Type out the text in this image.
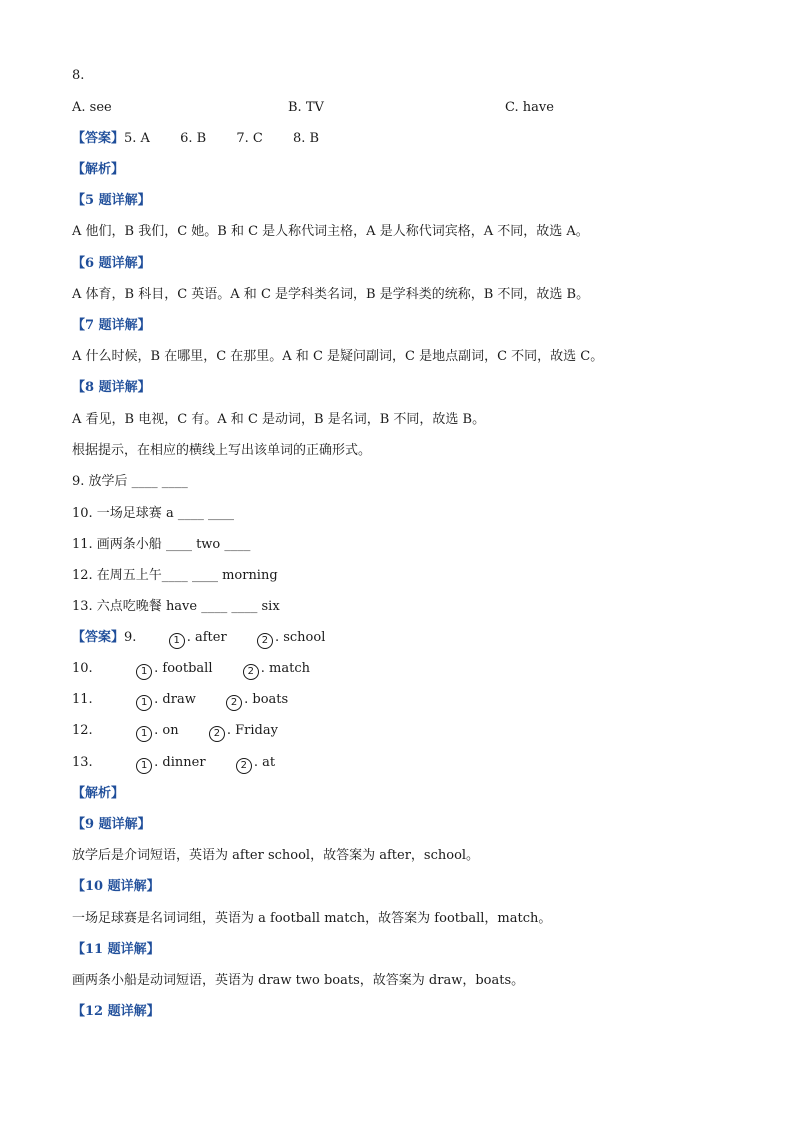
8.
A. see	B. TV	C. have
【答案】5. A 6. B 7. C 8. B
【解析】
【5 题详解】
A 他们，B 我们，C 她。B 和 C 是人称代词主格，A 是人称代词宾格，A 不同，故选 A。
【6 题详解】
A 体育，B 科目，C 英语。A 和 C 是学科类名词，B 是学科类的统称，B 不同，故选 B。
【7 题详解】
A 什么时候，B 在哪里，C 在那里。A 和 C 是疑问副词，C 是地点副词，C 不同，故选 C。
【8 题详解】
A 看见，B 电视，C 有。A 和 C 是动词，B 是名词，B 不同，故选 B。
根据提示，在相应的横线上写出该单词的正确形式。
9. 放学后 ____ ____
10. 一场足球赛 a ____ ____
11. 画两条小船 ____ two ____
12. 在周五上午____ ____ morning
13. 六点吃晚餐 have ____ ____ six
【答案】9.	1 . after	2 . school
10.	1 . football	2 . match
11.	1 . draw	2 . boats
12.	1 . on	2 . Friday
13.	1 . dinner	2 . at
【解析】
【9 题详解】
放学后是介词短语，英语为 after school，故答案为 after，school。
【10 题详解】
一场足球赛是名词词组，英语为 a football match，故答案为 football，match。
【11 题详解】
画两条小船是动词短语，英语为 draw two boats，故答案为 draw，boats。
【12 题详解】
